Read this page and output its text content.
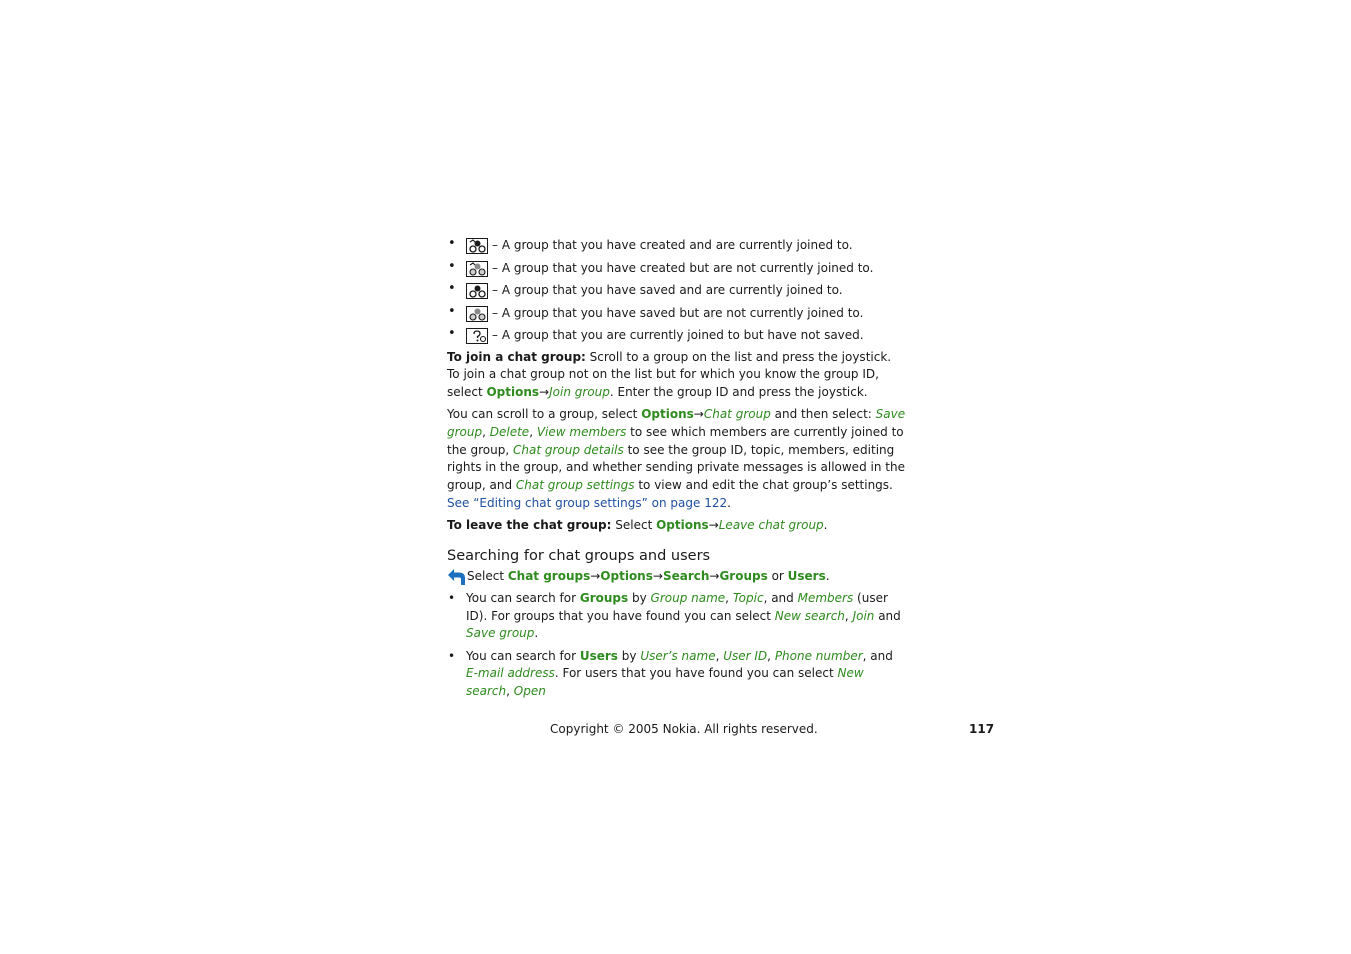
•	– A group that you have created and are currently joined to.
•	– A group that you have created but are not currently joined to.
•	– A group that you have saved and are currently joined to.
•	– A group that you have saved but are not currently joined to.
•	– A group that you are currently joined to but have not saved.

To join a chat group: Scroll to a group on the list and press the joystick. To join a chat group not on the list but for which you know the group ID, select Options→Join group. Enter the group ID and press the joystick.

You can scroll to a group, select Options→Chat group and then select: Save group, Delete, View members to see which members are currently joined to the group, Chat group details to see the group ID, topic, members, editing rights in the group, and whether sending private messages is allowed in the group, and Chat group settings to view and edit the chat group’s settings. See “Editing chat group settings” on page 122.

To leave the chat group: Select Options→Leave chat group.

Searching for chat groups and users
Select Chat groups→Options→Search→Groups or Users.
• You can search for Groups by Group name, Topic, and Members (user ID). For groups that you have found you can select New search, Join and Save group.
• You can search for Users by User’s name, User ID, Phone number, and E-mail address. For users that you have found you can select New search, Open
Copyright © 2005 Nokia. All rights reserved.	117
